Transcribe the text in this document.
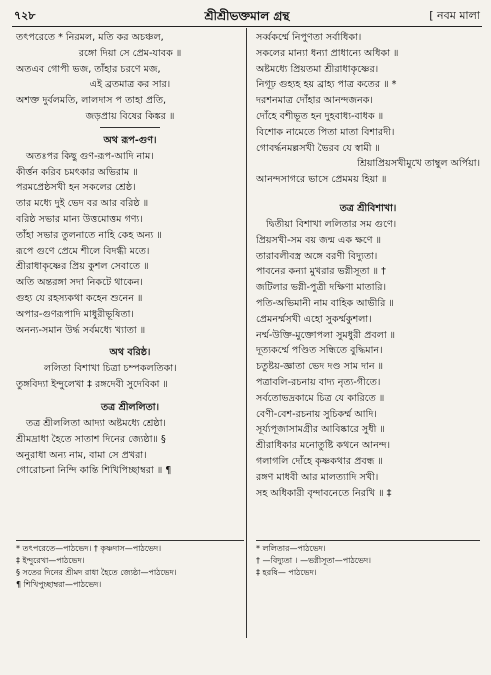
শ্রীশ্রীভক্তমাল গ্রন্থ
৭২৮	[ নবম মালা
তৎপরেতে * নিরমল, মতি কর অচঞ্চল,
রঙ্গো দিয়া সে প্রেম-যাবক ॥
অতএব গোপী ভজ, তাঁহার চরণে মজ,
এই ব্রতমাত্র কর সার।
অশক্ত দুর্বলমতি, লালদাস প তাহা প্রতি,
জড়প্রায় বিষের কিঙ্কর ॥
অথ রূপ-গুণ।
অতঃপর কিছু গুণ-রূপ-আদি নাম।
কীর্ত্তন করিব চমৎকার অভিরাম ॥
পরমপ্রেষ্ঠসখী হন সকলের শ্রেষ্ঠ।
তার মধ্যে দুই ভেদ বর আর বরিষ্ঠ ॥
বরিষ্ঠ সভার মান্য উত্তমোত্তম গণ্য।
তাঁহা সভার তুলনাতে নাহি কেহ অন্য ॥
রূপে গুণে প্রেমে শীলে বিদগ্ধী মতে।
শ্রীরাধাকৃষ্ণের প্রিয় কুশল সেবাতে ॥
অতি অন্তরঙ্গা সদা নিকটে থাকেন।
গুহ্য যে রহস্যকথা কহেন শুনেন ॥
অপার-গুণরূপাদি মাধুরীভূষিতা।
অনন্য-সমান উর্দ্ধ সর্বমধ্যে খ্যাতা ॥
অথ বরিষ্ঠ।
ললিতা বিশাখা চিত্রা চম্পকলতিকা।
তুঙ্গবিদ্যা ইন্দুলেখা ‡ রঙ্গদেবী সুদেবিকা ॥
তত্র শ্রীললিতা।
তত্র শ্রীললিতা আদ্যা অষ্টমধ্যে শ্রেষ্ঠা।
শ্রীমদ্রাধা হৈতে সাতাশ দিনের জ্যেষ্ঠা॥ §
অনুরাধা অন্য নাম, বামা সে প্রখরা।
গোরোচনা নিন্দি কান্তি শিখিপিচ্ছাম্বরা ॥ ¶
সর্ব্বকর্ম্মে নিপুণতা সর্বাধিকা।
সকলের মান্যা ধন্যা প্রাধান্যে অধিকা ॥
অষ্টমধ্যে প্রিয়তমা শ্রীরাধাকৃষ্ণের।
নিগূঢ় গুহ্যহ হয় ব্রাহ্য পাত্র কতের ॥ *
দরশনমাত্র দোঁহার আনন্দজনক।
দোঁহে বশীভূত হন দুহবাধ্য-বাধক ॥
বিশোক নামেতে পিতা মাতা বিশারদী।
গোবর্দ্ধনমল্লসখী ভৈরব যে স্বামী ॥
শ্রিয়াপ্রিয়সখীমুখে তাম্বুল অর্পিয়া।
আনন্দসাগরে ভাসে প্রেমময় হিয়া ॥
তত্র শ্রীবিশাখা।
দ্বিতীয়া বিশাখা ললিতার সম গুণে।
প্রিয়সখী-সম বয় জন্ম এক ক্ষণে ॥
তারাবলীবস্ত্র অঙ্গে বরণী বিদ্যুতা।
পাবনের কন্যা মুখরার ভগ্নীসূতা ॥ †
জটিলার ভগ্নী-পুত্রী দক্ষিণা মাতারি।
পতি-অভিমানী নাম বাহিক আভীরি ॥
প্রেমনর্ম্মসখী এহো সুকর্ম্মকুশলা।
নর্ম্ম-উক্তি-মুক্তোপলা সুমধুরী প্রবলা ॥
দূত্যকর্ম্মে পণ্ডিত সন্ধিতে বুদ্ধিমান।
চতুষ্টয়-জ্ঞাতা ভেদ দণ্ড সাম দান ॥
পত্রাবলি-রচনায় বাদ্য নৃত্য-গীতে।
সর্বতোভদ্রকামে চিত্র যে কারিতে ॥
বেণী-বেশ-রচনায় সুচিকর্ম্ম আদি।
সূর্য্যপূজাসামগ্রীর আবিষ্কারে সুধী ॥
শ্রীরাধিকার মনোতুষ্টি কথনে আনন্দ।
গলাগলি দোঁহে কৃষ্ণকথার প্রবন্ধ ॥
রঙ্গণ মাধবী আর মালত্যাদি সখী।
সহ অধিকারী বৃন্দাবনেতে নিরখি ॥ ‡
* তৎপরেতে—পাঠভেদ। † কৃষ্ণদাস—পাঠভেদ।
‡ ইন্দুরেখা—পাঠভেদ।
§ সতের দিনের শ্রীমদ রাধা হৈতে জ্যেষ্ঠা—পাঠভেদ।
¶ শিখিপুচ্ছাম্বরা—পাঠভেদ।
* ললিতার—পাঠভেদ।
† —বিদ্যুতা । —ভগ্নীসূতা—পাঠভেদ।
‡ হরষি— পাঠভেদ।
